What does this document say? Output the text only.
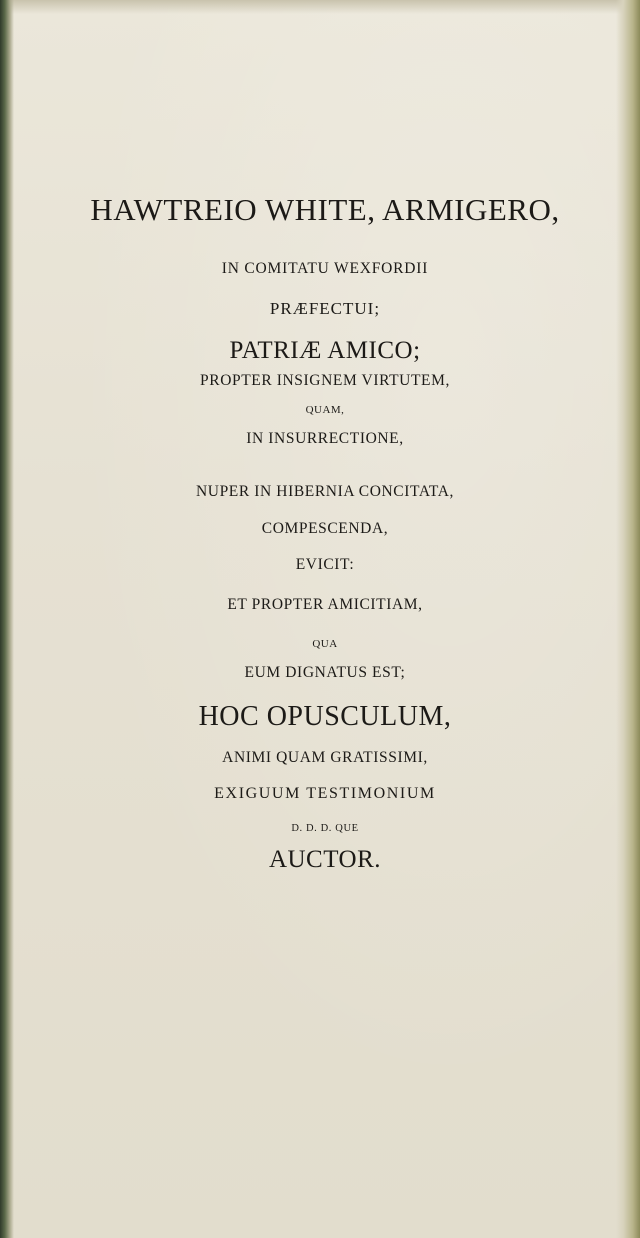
HAWTREIO WHITE, ARMIGERO,
IN COMITATU WEXFORDII
PRÆFECTUI;
PATRIÆ AMICO;
PROPTER INSIGNEM VIRTUTEM,
QUAM,
IN INSURRECTIONE,
NUPER IN HIBERNIA CONCITATA,
COMPESCENDA,
EVICIT:
ET PROPTER AMICITIAM,
QUA
EUM DIGNATUS EST;
HOC OPUSCULUM,
ANIMI QUAM GRATISSIMI,
EXIGUUM TESTIMONIUM
D. D. D. QUE
AUCTOR.
